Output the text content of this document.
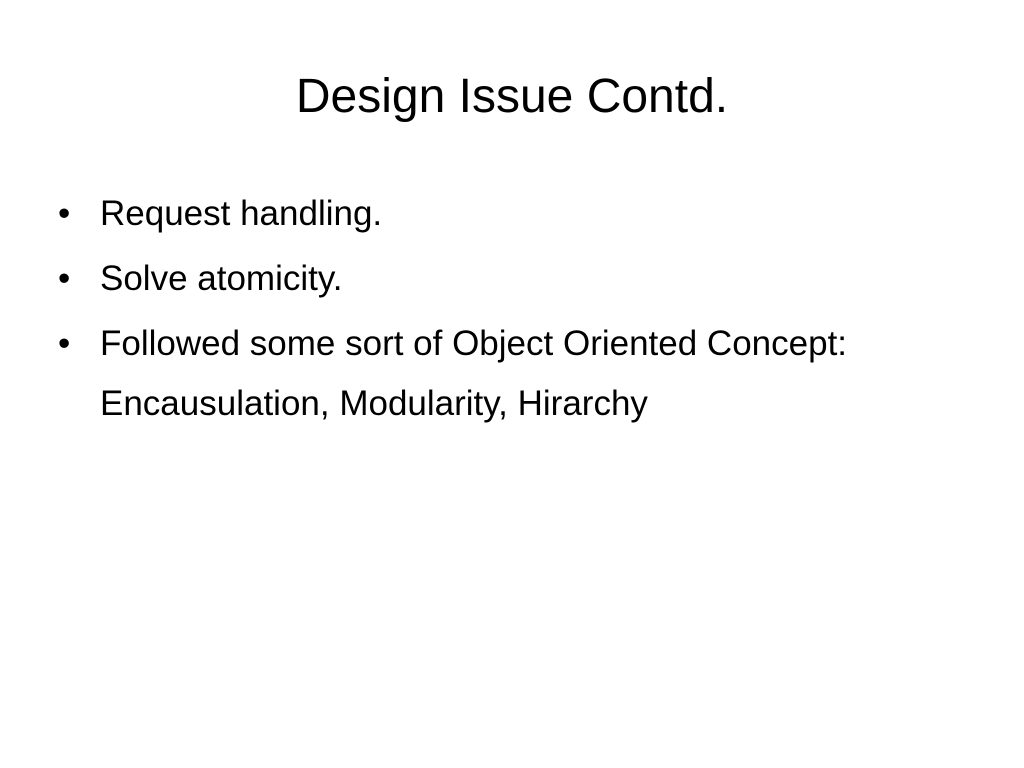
Design Issue Contd.
• Request handling.
• Solve atomicity.
• Followed some sort of Object Oriented Concept:
Encausulation, Modularity, Hirarchy
